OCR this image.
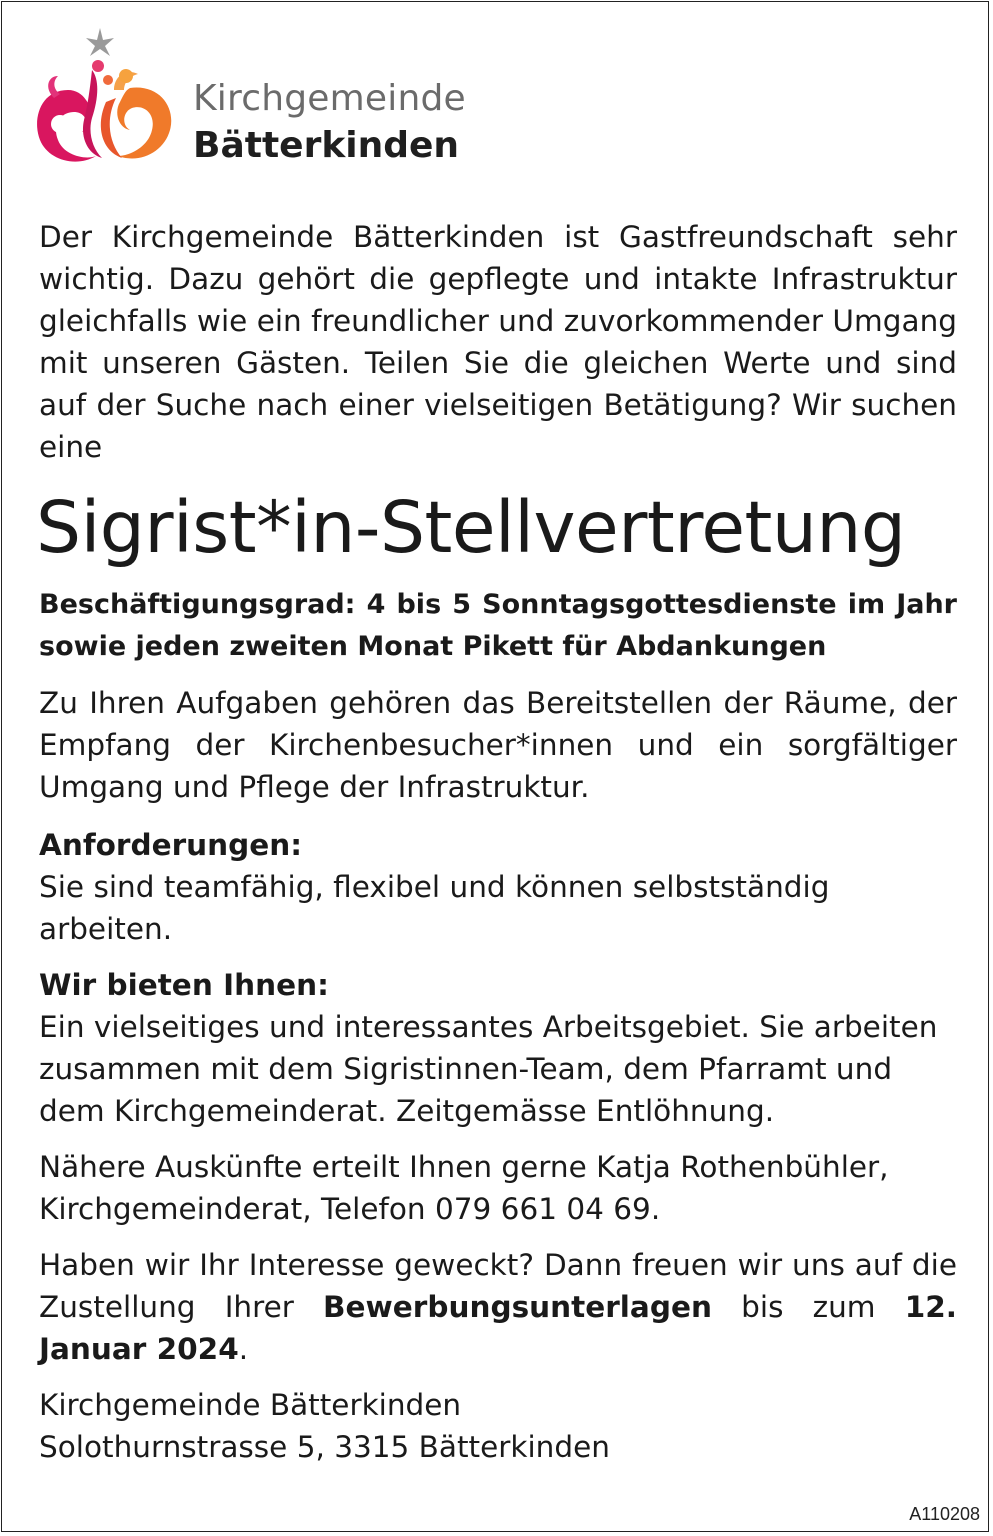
Kirchgemeinde
Bätterkinden

Der Kirchgemeinde Bätterkinden ist Gastfreundschaft sehr wichtig. Dazu gehört die gepflegte und intakte Infrastruktur gleichfalls wie ein freundlicher und zuvorkommender Umgang mit unseren Gästen. Teilen Sie die gleichen Werte und sind auf der Suche nach einer vielseitigen Betätigung? Wir suchen eine

Sigrist*in-Stellvertretung

Beschäftigungsgrad: 4 bis 5 Sonntagsgottesdienste im Jahr sowie jeden zweiten Monat Pikett für Abdankungen

Zu Ihren Aufgaben gehören das Bereitstellen der Räume, der Empfang der Kirchenbesucher*innen und ein sorgfältiger Umgang und Pflege der Infrastruktur.

Anforderungen:

Sie sind teamfähig, flexibel und können selbstständig arbeiten.

Wir bieten Ihnen:

Ein vielseitiges und interessantes Arbeitsgebiet. Sie arbeiten zusammen mit dem Sigristinnen-Team, dem Pfarramt und dem Kirchgemeinderat. Zeitgemässe Entlöhnung.

Nähere Auskünfte erteilt Ihnen gerne Katja Rothenbühler, Kirchgemeinderat, Telefon 079 661 04 69.

Haben wir Ihr Interesse geweckt? Dann freuen wir uns auf die Zustellung Ihrer Bewerbungsunterlagen bis zum 12. Januar 2024.

Kirchgemeinde Bätterkinden

Solothurnstrasse 5, 3315 Bätterkinden

A110208
